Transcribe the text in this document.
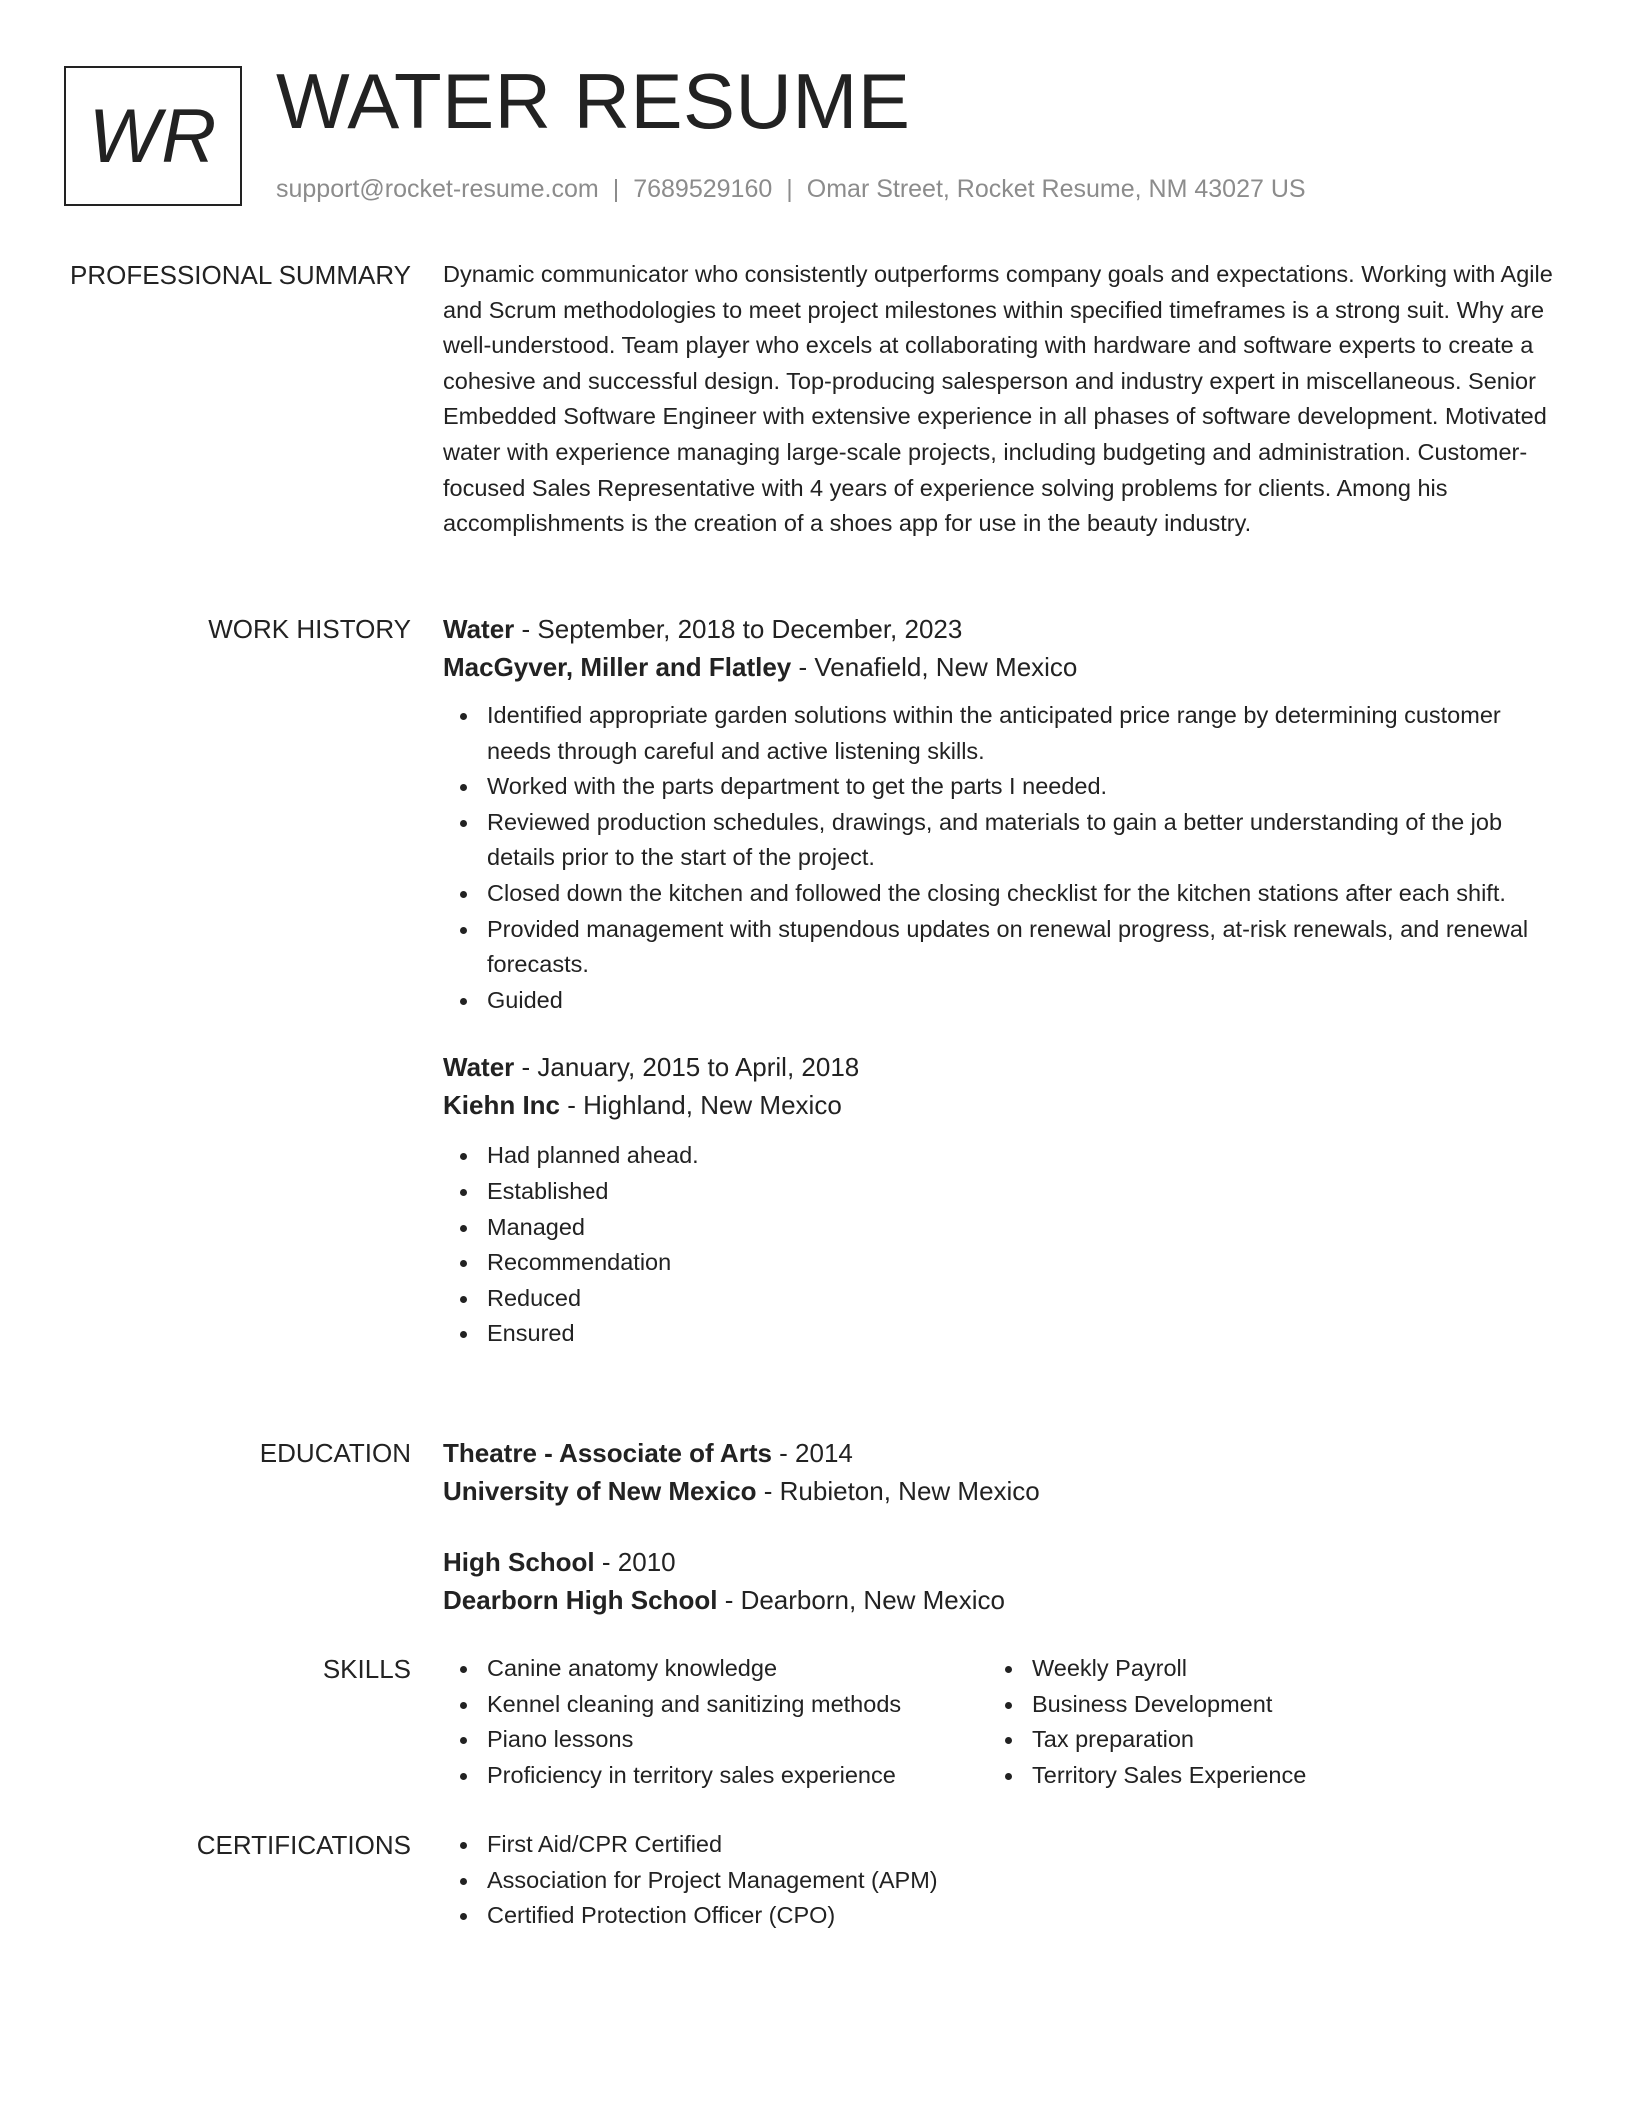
WR WATER RESUME
support@rocket-resume.com | 7689529160 | Omar Street, Rocket Resume, NM 43027 US
PROFESSIONAL SUMMARY Dynamic communicator who consistently outperforms company goals and expectations. Working with Agile and Scrum methodologies to meet project milestones within specified timeframes is a strong suit. Why are well-understood. Team player who excels at collaborating with hardware and software experts to create a cohesive and successful design. Top-producing salesperson and industry expert in miscellaneous. Senior Embedded Software Engineer with extensive experience in all phases of software development. Motivated water with experience managing large-scale projects, including budgeting and administration. Customer-focused Sales Representative with 4 years of experience solving problems for clients. Among his accomplishments is the creation of a shoes app for use in the beauty industry.

WORK HISTORY Water - September, 2018 to December, 2023
MacGyver, Miller and Flatley - Venafield, New Mexico
Identified appropriate garden solutions within the anticipated price range by determining customer needs through careful and active listening skills.
Worked with the parts department to get the parts I needed.
Reviewed production schedules, drawings, and materials to gain a better understanding of the job details prior to the start of the project.
Closed down the kitchen and followed the closing checklist for the kitchen stations after each shift.
Provided management with stupendous updates on renewal progress, at-risk renewals, and renewal forecasts.
Guided
Water - January, 2015 to April, 2018
Kiehn Inc - Highland, New Mexico
Had planned ahead.
Established
Managed
Recommendation
Reduced
Ensured
EDUCATION Theatre - Associate of Arts - 2014
University of New Mexico - Rubieton, New Mexico
High School - 2010
Dearborn High School - Dearborn, New Mexico
SKILLS	Canine anatomy knowledge
Kennel cleaning and sanitizing methods
Piano lessons
Proficiency in territory sales experience
Weekly Payroll
Business Development
Tax preparation
Territory Sales Experience
CERTIFICATIONS	First Aid/CPR Certified
Association for Project Management (APM)
Certified Protection Officer (CPO)
